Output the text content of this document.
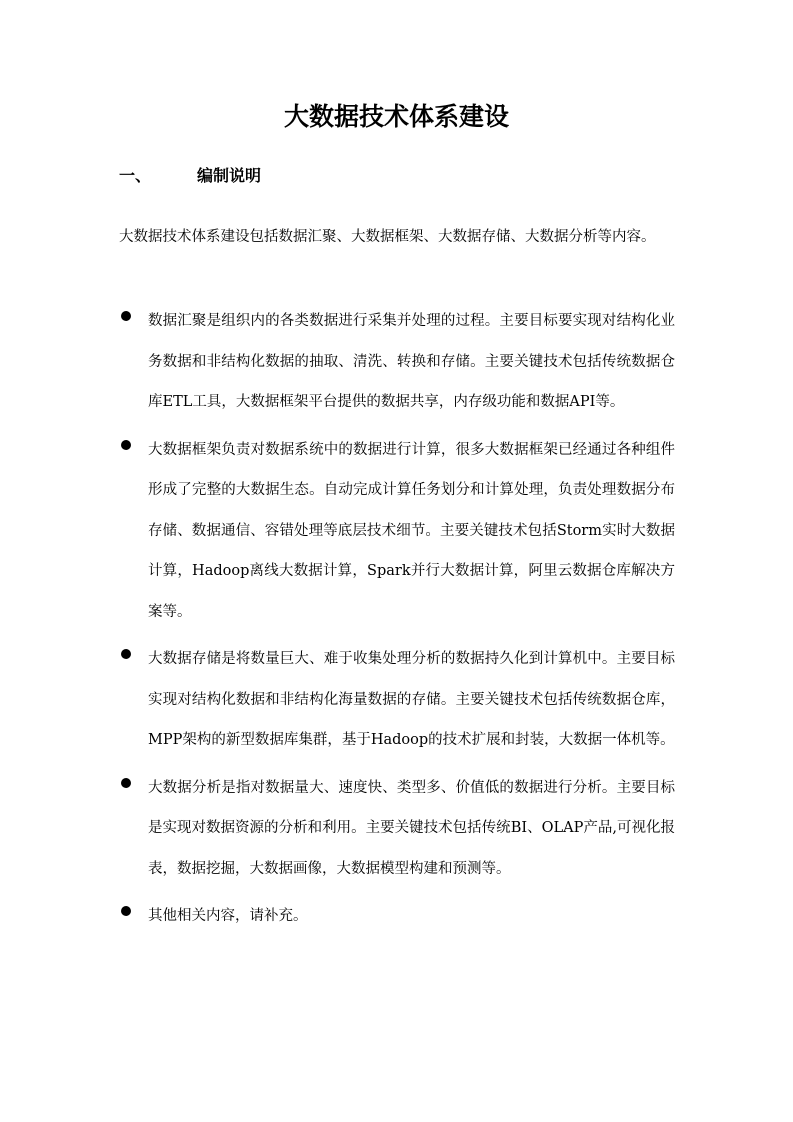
大数据技术体系建设
一、	编制说明

大数据技术体系建设包括数据汇聚、大数据框架、大数据存储、大数据分析等内容。

数据汇聚是组织内的各类数据进行采集并处理的过程。主要目标要实现对结构化业务数据和非结构化数据的抽取、清洗、转换和存储。主要关键技术包括传统数据仓库ETL工具，大数据框架平台提供的数据共享，内存级功能和数据API等。

大数据框架负责对数据系统中的数据进行计算，很多大数据框架已经通过各种组件形成了完整的大数据生态。自动完成计算任务划分和计算处理，负责处理数据分布存储、数据通信、容错处理等底层技术细节。主要关键技术包括Storm实时大数据计算，Hadoop离线大数据计算，Spark并行大数据计算，阿里云数据仓库解决方案等。

大数据存储是将数量巨大、难于收集处理分析的数据持久化到计算机中。主要目标实现对结构化数据和非结构化海量数据的存储。主要关键技术包括传统数据仓库，MPP架构的新型数据库集群，基于Hadoop的技术扩展和封装，大数据一体机等。

大数据分析是指对数据量大、速度快、类型多、价值低的数据进行分析。主要目标是实现对数据资源的分析和利用。主要关键技术包括传统BI、OLAP产品,可视化报表，数据挖掘，大数据画像，大数据模型构建和预测等。

其他相关内容，请补充。
